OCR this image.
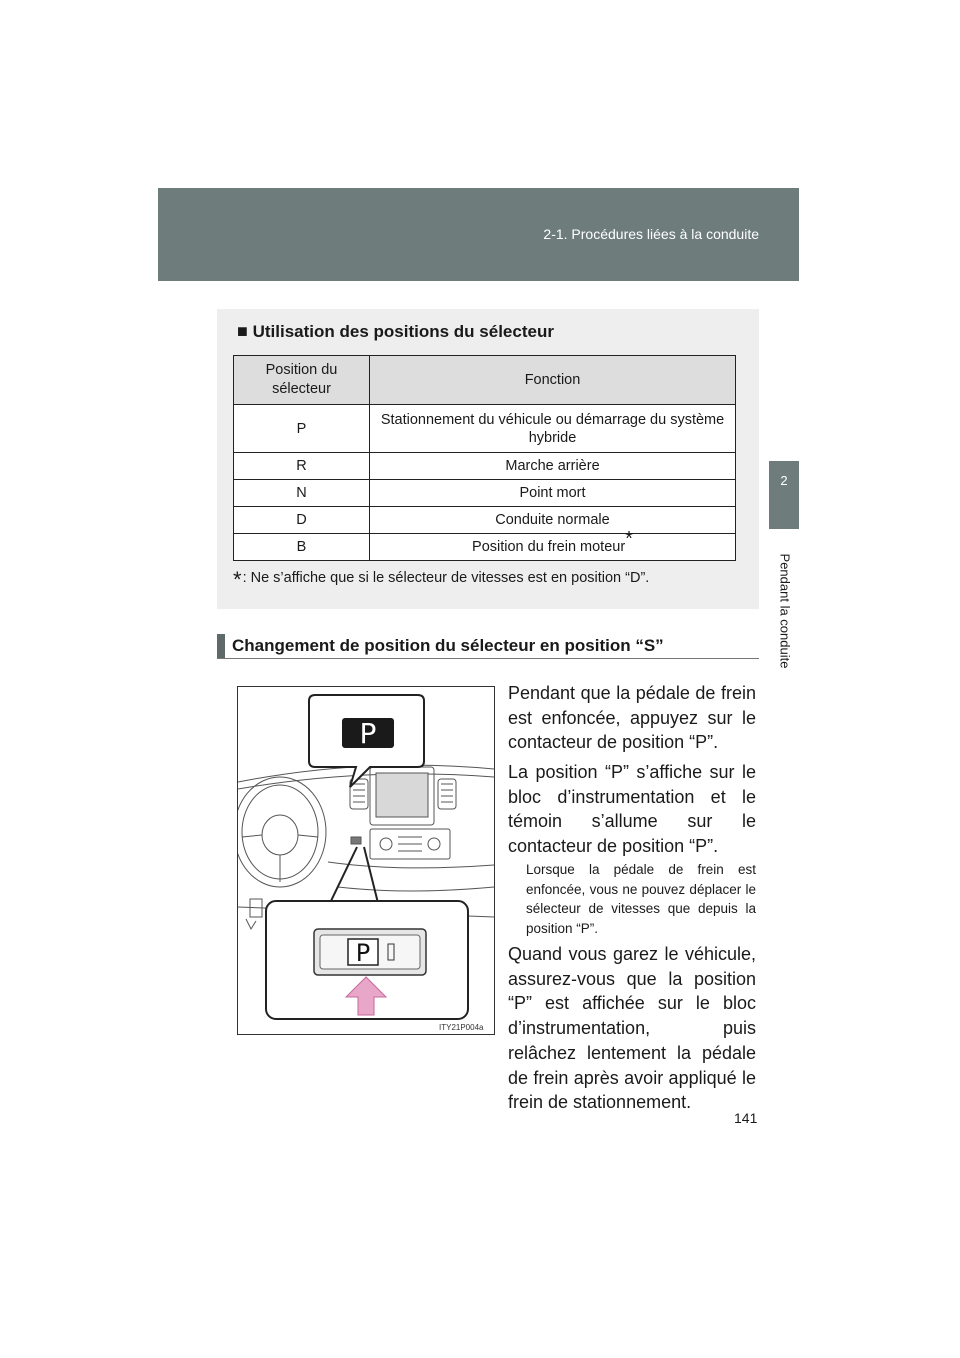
2-1. Procédures liées à la conduite
2
Pendant la conduite
■ Utilisation des positions du sélecteur
Position du sélecteur	Fonction
P	Stationnement du véhicule ou démarrage du système hybride
R	Marche arrière
N	Point mort
D	Conduite normale
B	Position du frein moteur*
*: Ne s’affiche que si le sélecteur de vitesses est en position “D”.
Changement de position du sélecteur en position “S”
P
P
ITY21P004a

Pendant que la pédale de frein est enfoncée, appuyez sur le contacteur de position “P”.

La position “P” s’affiche sur le bloc d’instrumentation et le témoin s’allume sur le contacteur de position “P”.

Lorsque la pédale de frein est enfoncée, vous ne pouvez déplacer le sélecteur de vitesses que depuis la position “P”.

Quand vous garez le véhicule, assurez-vous que la position “P” est affichée sur le bloc d’instrumentation, puis relâchez lentement la pédale de frein après avoir appliqué le frein de stationnement.

141
